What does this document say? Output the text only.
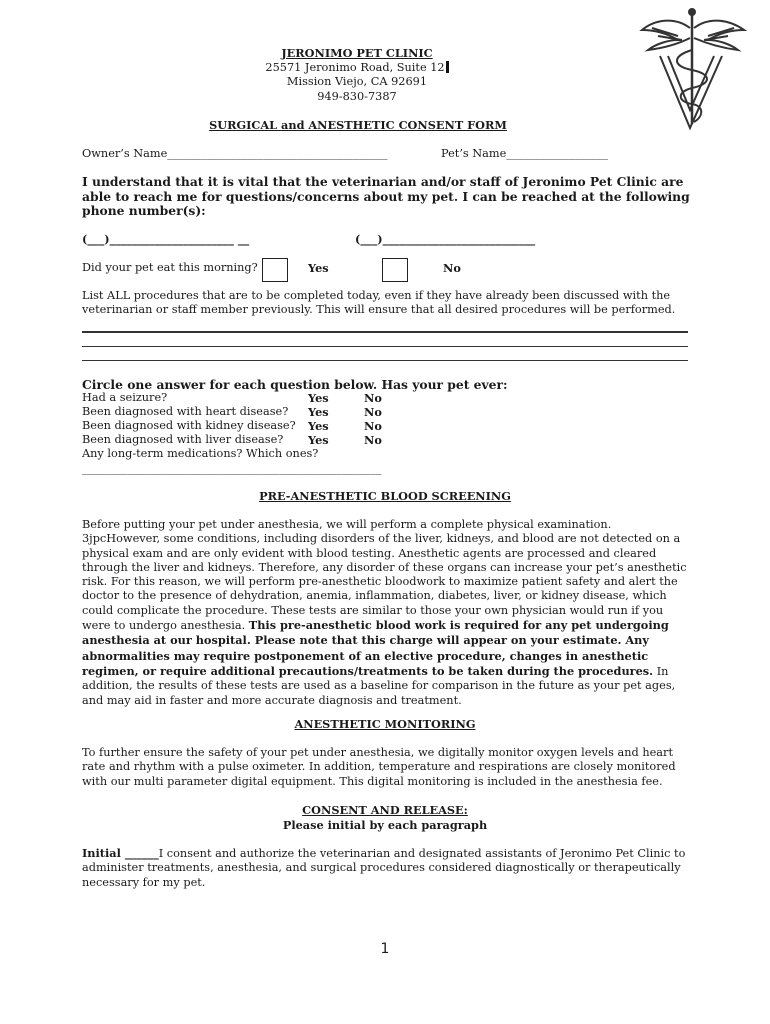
JERONIMO PET CLINIC
25571 Jeronimo Road, Suite 12
Mission Viejo, CA 92691
949-830-7387
SURGICAL and ANESTHETIC CONSENT FORM
Owner’s Name_______________________________________	Pet’s Name__________________
I understand that it is vital that the veterinarian and/or staff of Jeronimo Pet Clinic are able to reach me for questions/concerns about my pet. I can be reached at the following phone number(s):
(___)______________________ __	(___)___________________________
Did your pet eat this morning?	Yes	No
List ALL procedures that are to be completed today, even if they have already been discussed with the veterinarian or staff member previously. This will ensure that all desired procedures will be performed.
Circle one answer for each question below. Has your pet ever:
Had a seizure?	Yes	No
Been diagnosed with heart disease? Yes	No
Been diagnosed with kidney disease? Yes	No
Been diagnosed with liver disease? Yes	No
Any long-term medications? Which ones?
_____________________________________________________
PRE-ANESTHETIC BLOOD SCREENING
Before putting your pet under anesthesia, we will perform a complete physical examination. 3jpcHowever, some conditions, including disorders of the liver, kidneys, and blood are not detected on a physical exam and are only evident with blood testing. Anesthetic agents are processed and cleared through the liver and kidneys. Therefore, any disorder of these organs can increase your pet’s anesthetic risk. For this reason, we will perform pre-anesthetic bloodwork to maximize patient safety and alert the doctor to the presence of dehydration, anemia, inflammation, diabetes, liver, or kidney disease, which could complicate the procedure. These tests are similar to those your own physician would run if you were to undergo anesthesia. This pre-anesthetic blood work is required for any pet undergoing anesthesia at our hospital. Please note that this charge will appear on your estimate. Any abnormalities may require postponement of an elective procedure, changes in anesthetic regimen, or require additional precautions/treatments to be taken during the procedures. In addition, the results of these tests are used as a baseline for comparison in the future as your pet ages, and may aid in faster and more accurate diagnosis and treatment.
ANESTHETIC MONITORING
To further ensure the safety of your pet under anesthesia, we digitally monitor oxygen levels and heart rate and rhythm with a pulse oximeter. In addition, temperature and respirations are closely monitored with our multi parameter digital equipment. This digital monitoring is included in the anesthesia fee.
CONSENT AND RELEASE:
Please initial by each paragraph
Initial ______I consent and authorize the veterinarian and designated assistants of Jeronimo Pet Clinic to administer treatments, anesthesia, and surgical procedures considered diagnostically or therapeutically necessary for my pet.
1
